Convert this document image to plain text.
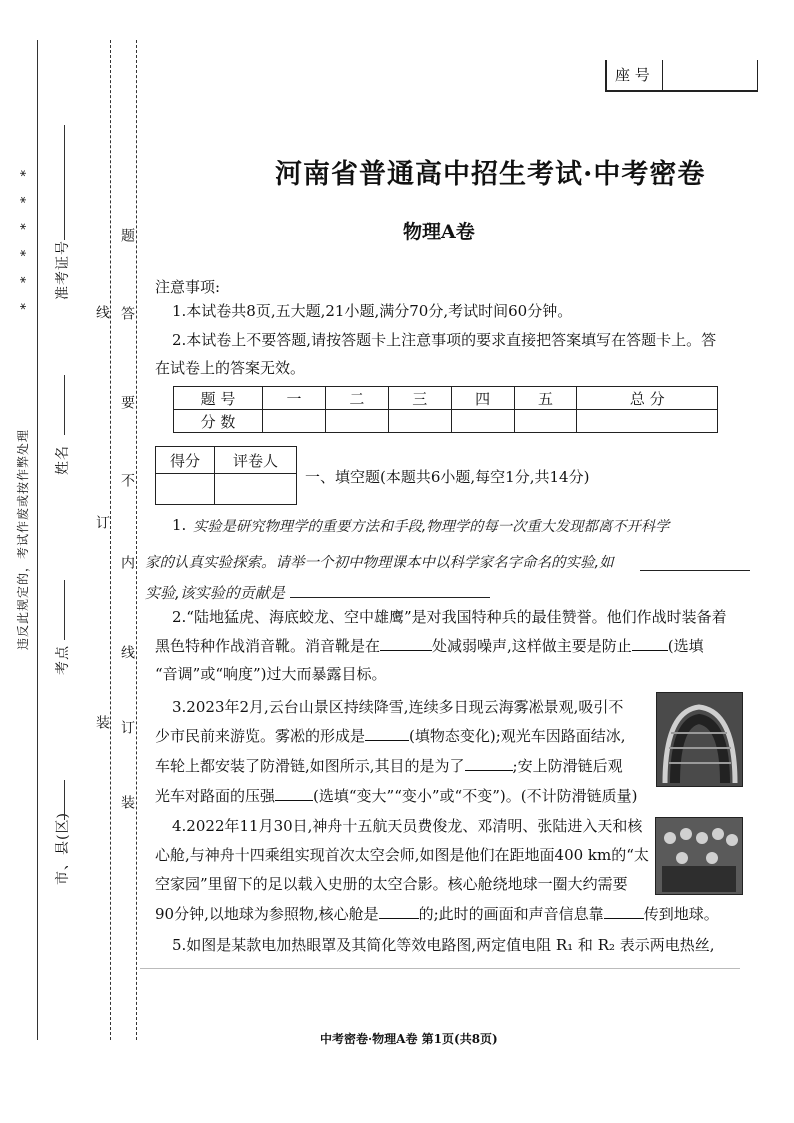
座 号
* * * * * *
违反此规定的，考试作废或按作弊处理
准考证号
姓名
考点
市、县(区)
线
订
装
线
订
装
题
答
要
不
内
河南省普通高中招生考试·中考密卷
物理A卷
注意事项:
1.本试卷共8页,五大题,21小题,满分70分,考试时间60分钟。
2.本试卷上不要答题,请按答题卡上注意事项的要求直接把答案填写在答题卡上。答
在试卷上的答案无效。
题 号	一	二	三	四	五	总 分
分 数						
得分	评卷人

一、填空题(本题共6小题,每空1分,共14分)
1. 实验是研究物理学的重要方法和手段,物理学的每一次重大发现都离不开科学
家的认真实验探索。请举一个初中物理课本中以科学家名字命名的实验,如
实验,该实验的贡献是
2.“陆地猛虎、海底蛟龙、空中雄鹰”是对我国特种兵的最佳赞誉。他们作战时装备着
黑色特种作战消音靴。消音靴是在	处减弱噪声,这样做主要是防止 (选填
“音调”或“响度”)过大而暴露目标。
3.2023年2月,云台山景区持续降雪,连续多日现云海雾凇景观,吸引不
少市民前来游览。雾凇的形成是	(填物态变化);观光车因路面结冰,
车轮上都安装了防滑链,如图所示,其目的是为了	;安上防滑链后观
光车对路面的压强	(选填“变大”“变小”或“不变”)。(不计防滑链质量)
4.2022年11月30日,神舟十五航天员费俊龙、邓清明、张陆进入天和核
心舱,与神舟十四乘组实现首次太空会师,如图是他们在距地面400 km的“太
空家园”里留下的足以载入史册的太空合影。核心舱绕地球一圈大约需要
90分钟,以地球为参照物,核心舱是	的;此时的画面和声音信息靠	传到地球。
5.如图是某款电加热眼罩及其简化等效电路图,两定值电阻 R₁ 和 R₂ 表示两电热丝,
中考密卷·物理A卷 第1页(共8页)
